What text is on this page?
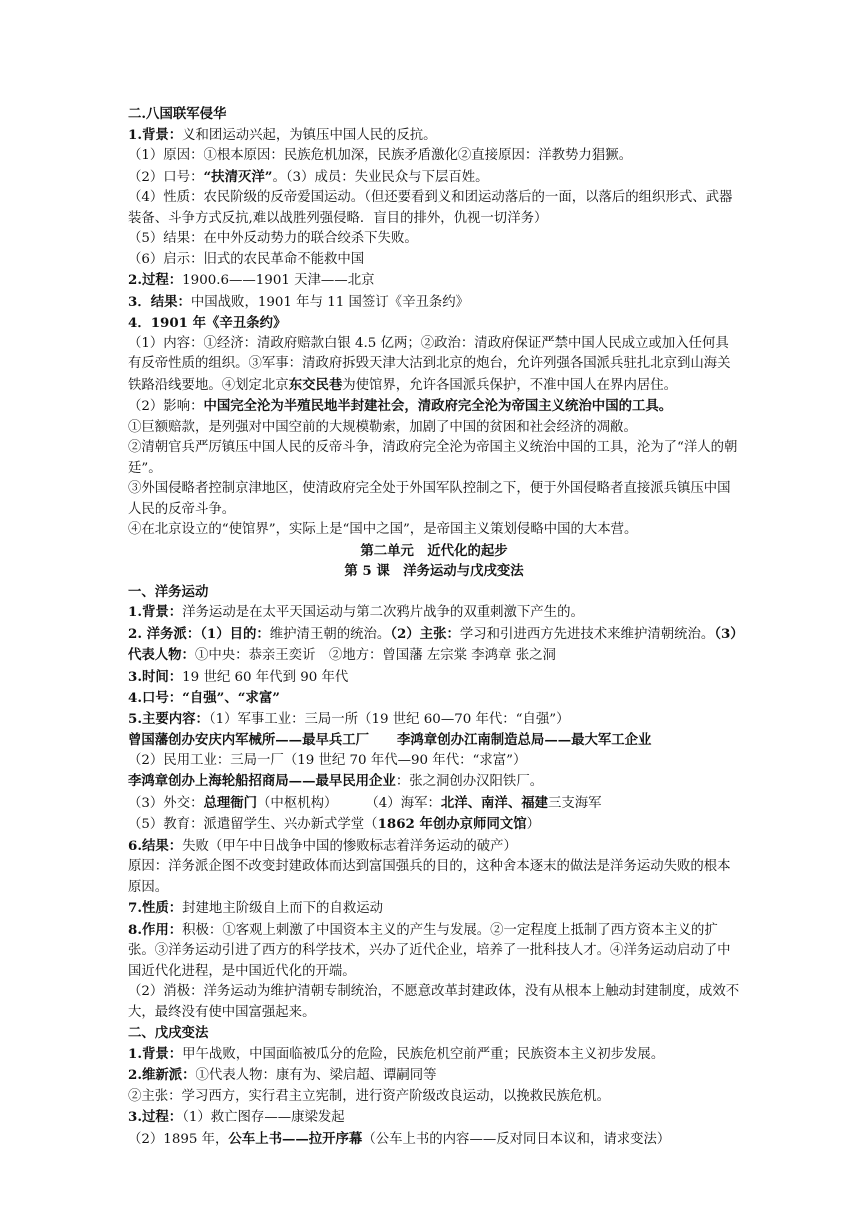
二.八国联军侵华
1.背景：义和团运动兴起，为镇压中国人民的反抗。
（1）原因：①根本原因：民族危机加深，民族矛盾激化②直接原因：洋教势力猖獗。
（2）口号：“扶清灭洋”。（3）成员：失业民众与下层百姓。
（4）性质：农民阶级的反帝爱国运动。（但还要看到义和团运动落后的一面，以落后的组织形式、武器装备、斗争方式反抗,难以战胜列强侵略．盲目的排外，仇视一切洋务）
（5）结果：在中外反动势力的联合绞杀下失败。
（6）启示：旧式的农民革命不能救中国
2.过程：1900.6——1901 天津——北京
3．结果：中国战败，1901 年与 11 国签订《辛丑条约》
4．1901 年《辛丑条约》
（1）内容：①经济：清政府赔款白银 4.5 亿两；②政治：清政府保证严禁中国人民成立或加入任何具有反帝性质的组织。③军事：清政府拆毁天津大沽到北京的炮台，允许列强各国派兵驻扎北京到山海关铁路沿线要地。④划定北京东交民巷为使馆界，允许各国派兵保护，不准中国人在界内居住。
（2）影响：中国完全沦为半殖民地半封建社会，清政府完全沦为帝国主义统治中国的工具。
①巨额赔款，是列强对中国空前的大规模勒索，加剧了中国的贫困和社会经济的凋敝。
②清朝官兵严厉镇压中国人民的反帝斗争，清政府完全沦为帝国主义统治中国的工具，沦为了“洋人的朝廷”。
③外国侵略者控制京津地区，使清政府完全处于外国军队控制之下，便于外国侵略者直接派兵镇压中国人民的反帝斗争。
④在北京设立的“使馆界”，实际上是“国中之国”，是帝国主义策划侵略中国的大本营。
第二单元　近代化的起步
第 5 课　洋务运动与戊戌变法
一、洋务运动
1.背景：洋务运动是在太平天国运动与第二次鸦片战争的双重刺激下产生的。
2. 洋务派：（1）目的：维护清王朝的统治。（2）主张：学习和引进西方先进技术来维护清朝统治。（3）代表人物：①中央：恭亲王奕䜣　②地方：曾国藩 左宗棠 李鸿章 张之洞
3.时间：19 世纪 60 年代到 90 年代
4.口号：“自强”、“求富”
5.主要内容：（1）军事工业：三局一所（19 世纪 60—70 年代：“自强”）
曾国藩创办安庆内军械所——最早兵工厂 李鸿章创办江南制造总局——最大军工企业
（2）民用工业：三局一厂（19 世纪 70 年代—90 年代：“求富”）
李鸿章创办上海轮船招商局——最早民用企业：张之洞创办汉阳铁厂。
（3）外交：总理衙门（中枢机构） （4）海军：北洋、南洋、福建三支海军
（5）教育：派遣留学生、兴办新式学堂（1862 年创办京师同文馆）
6.结果：失败（甲午中日战争中国的惨败标志着洋务运动的破产）
原因：洋务派企图不改变封建政体而达到富国强兵的目的，这种舍本逐末的做法是洋务运动失败的根本原因。
7.性质：封建地主阶级自上而下的自救运动
8.作用：积极：①客观上刺激了中国资本主义的产生与发展。②一定程度上抵制了西方资本主义的扩张。③洋务运动引进了西方的科学技术，兴办了近代企业，培养了一批科技人才。④洋务运动启动了中国近代化进程，是中国近代化的开端。
（2）消极：洋务运动为维护清朝专制统治，不愿意改革封建政体，没有从根本上触动封建制度，成效不大，最终没有使中国富强起来。
二、戊戌变法
1.背景：甲午战败，中国面临被瓜分的危险，民族危机空前严重；民族资本主义初步发展。
2.维新派：①代表人物：康有为、梁启超、谭嗣同等
②主张：学习西方，实行君主立宪制，进行资产阶级改良运动，以挽救民族危机。
3.过程：（1）救亡图存——康梁发起
（2）1895 年，公车上书——拉开序幕（公车上书的内容——反对同日本议和，请求变法）
